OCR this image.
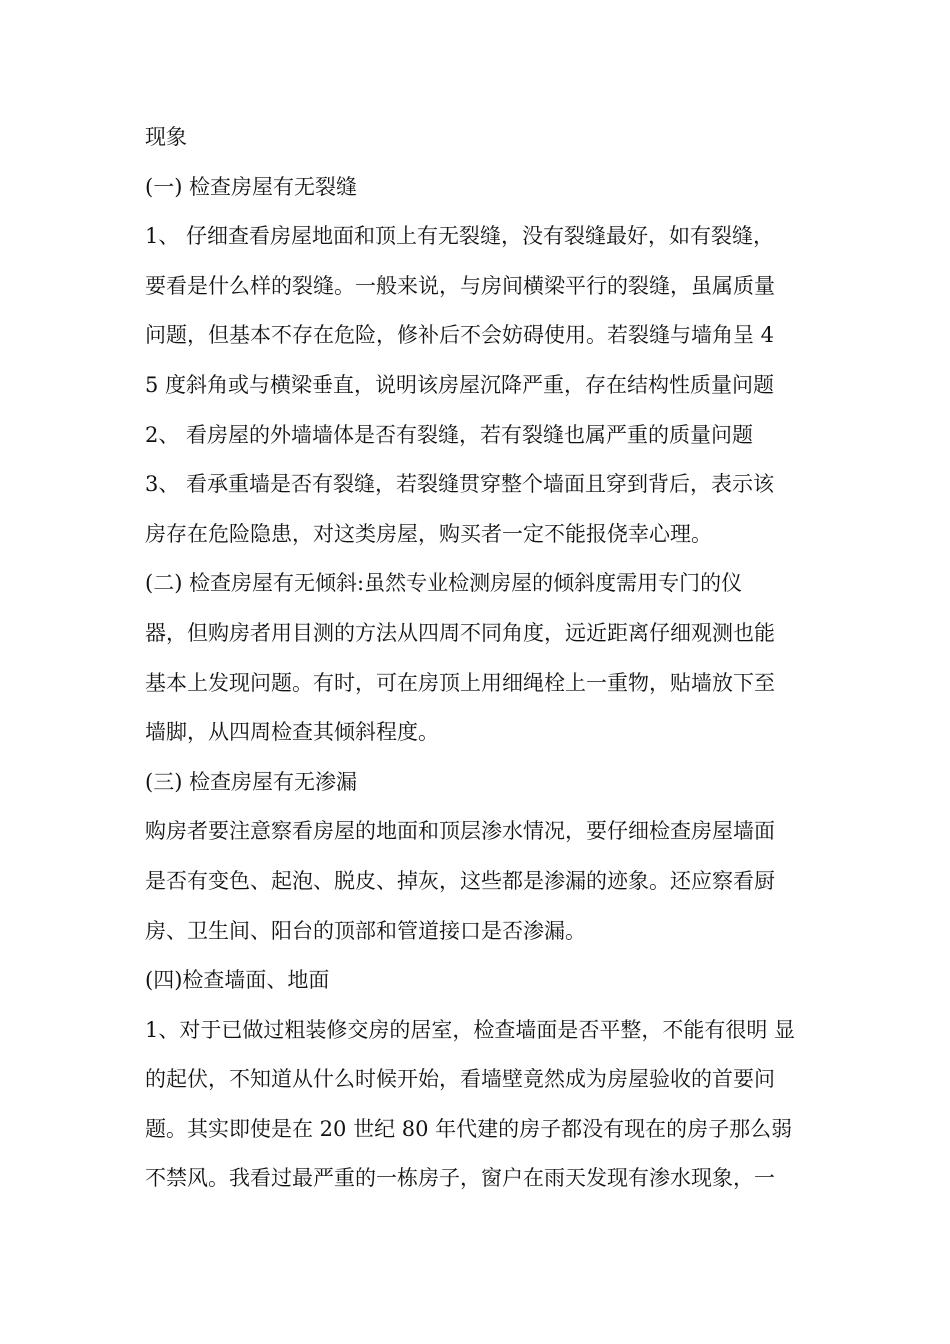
现象
(一) 检查房屋有无裂缝
1、 仔细查看房屋地面和顶上有无裂缝，没有裂缝最好，如有裂缝，
要看是什么样的裂缝。一般来说，与房间横梁平行的裂缝，虽属质量
问题，但基本不存在危险，修补后不会妨碍使用。若裂缝与墙角呈 4
5 度斜角或与横梁垂直，说明该房屋沉降严重，存在结构性质量问题
2、 看房屋的外墙墙体是否有裂缝，若有裂缝也属严重的质量问题
3、 看承重墙是否有裂缝，若裂缝贯穿整个墙面且穿到背后，表示该
房存在危险隐患，对这类房屋，购买者一定不能报侥幸心理。
(二) 检查房屋有无倾斜:虽然专业检测房屋的倾斜度需用专门的仪
器，但购房者用目测的方法从四周不同角度，远近距离仔细观测也能
基本上发现问题。有时，可在房顶上用细绳栓上一重物，贴墙放下至
墙脚，从四周检查其倾斜程度。
(三) 检查房屋有无渗漏
购房者要注意察看房屋的地面和顶层渗水情况，要仔细检查房屋墙面
是否有变色、起泡、脱皮、掉灰，这些都是渗漏的迹象。还应察看厨
房、卫生间、阳台的顶部和管道接口是否渗漏。
(四)检查墙面、地面
1、对于已做过粗装修交房的居室，检查墙面是否平整，不能有很明 显
的起伏，不知道从什么时候开始，看墙壁竟然成为房屋验收的首要问
题。其实即使是在 20 世纪 80 年代建的房子都没有现在的房子那么弱
不禁风。我看过最严重的一栋房子，窗户在雨天发现有渗水现象，一
